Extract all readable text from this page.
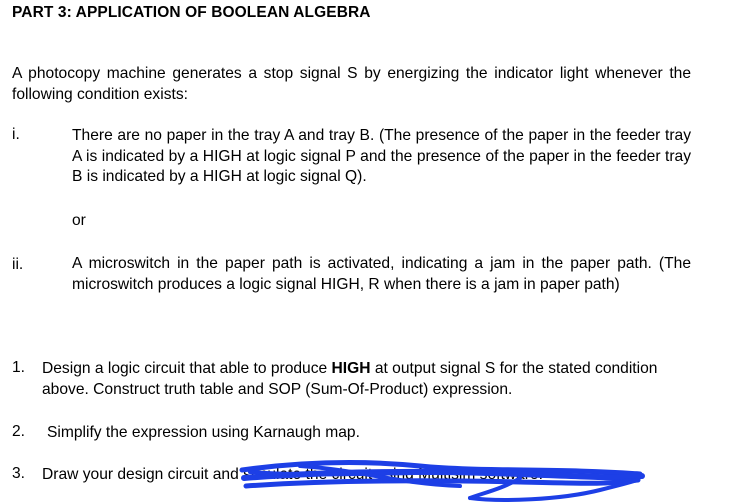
PART 3: APPLICATION OF BOOLEAN ALGEBRA
A photocopy machine generates a stop signal S by energizing the indicator light whenever the following condition exists:
i.	There are no paper in the tray A and tray B. (The presence of the paper in the feeder tray A is indicated by a HIGH at logic signal P and the presence of the paper in the feeder tray B is indicated by a HIGH at logic signal Q).
or
ii.	A microswitch in the paper path is activated, indicating a jam in the paper path. (The microswitch produces a logic signal HIGH, R when there is a jam in paper path)
1. Design a logic circuit that able to produce HIGH at output signal S for the stated condition above. Construct truth table and SOP (Sum-Of-Product) expression.
2. Simplify the expression using Karnaugh map.
3. Draw your design circuit and simulate the circuit using Multisim software.
